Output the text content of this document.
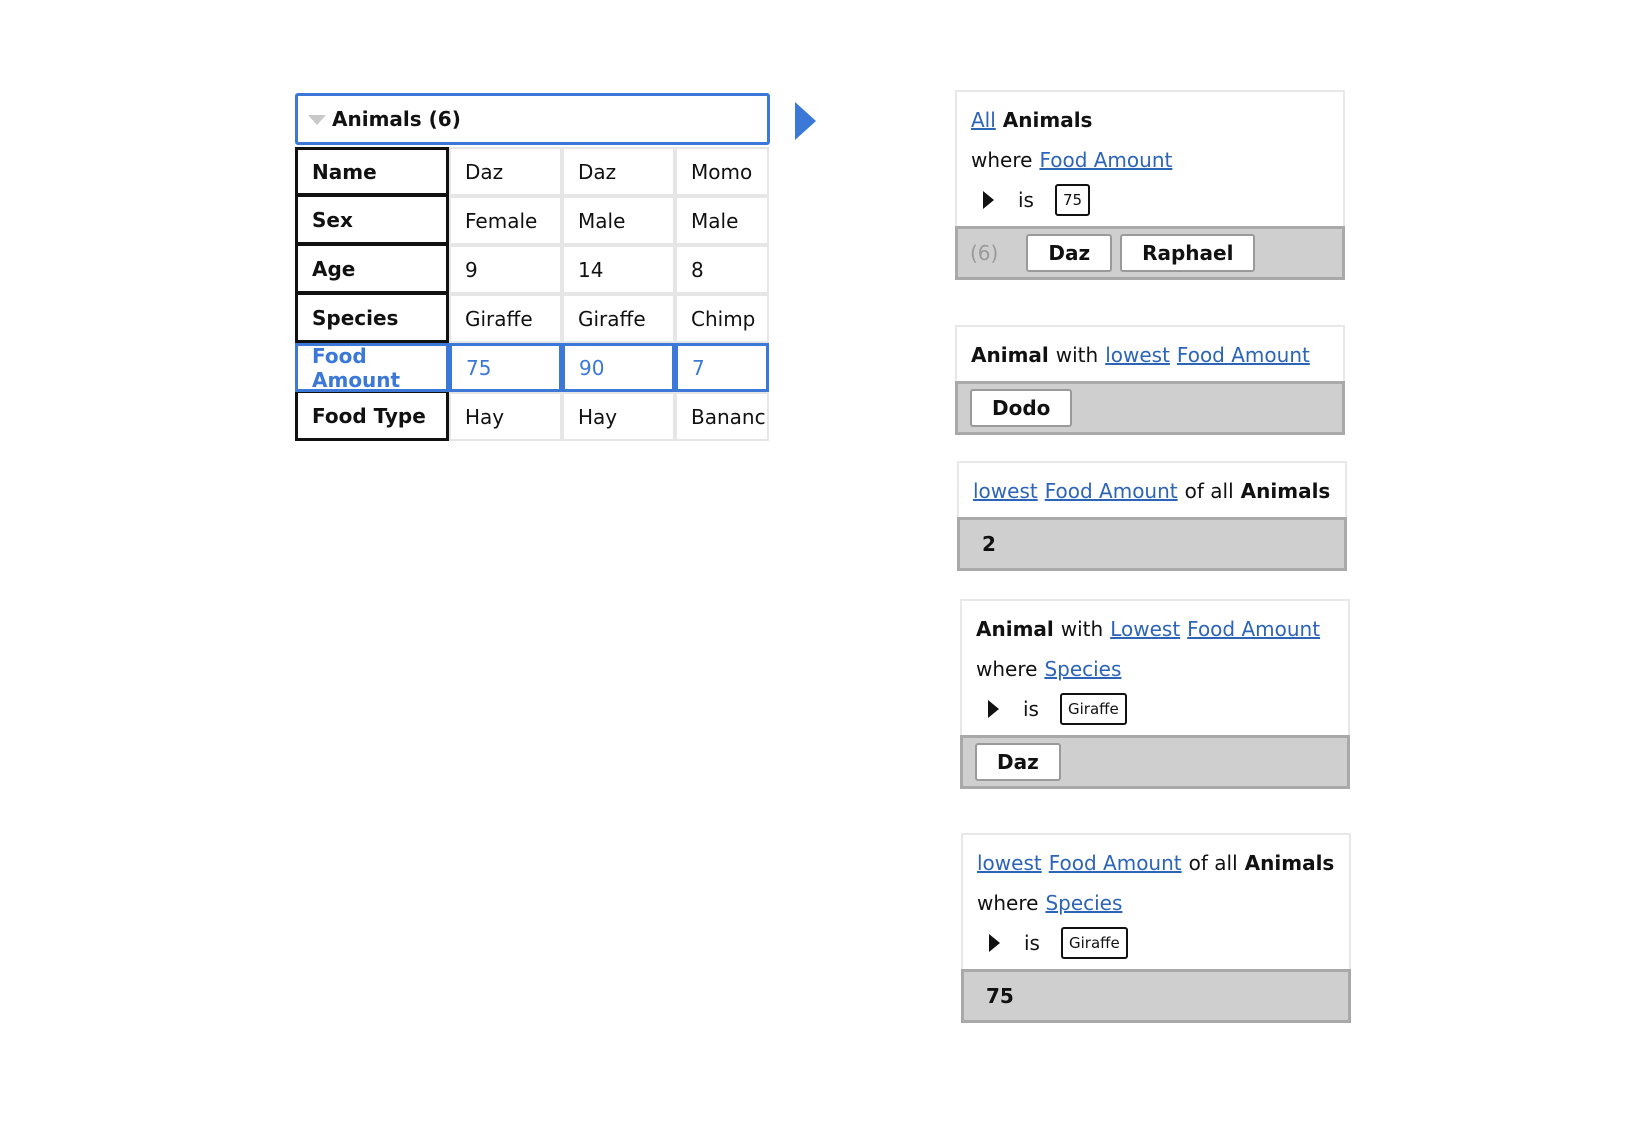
Animals (6)
Name	Daz	Daz	Momo
Sex	Female	Male	Male
Age	9	14	8
Species	Giraffe	Giraffe	Chimp
Food Amount	75	90	7
Food Type	Hay	Hay	Bananc
All Animals
where Food Amount
is	75
(6)	Daz	Raphael
Animal with lowest Food Amount
Dodo
lowest Food Amount of all Animals
2
Animal with Lowest Food Amount
where Species
is	Giraffe
Daz
lowest Food Amount of all Animals
where Species
is	Giraffe
75
